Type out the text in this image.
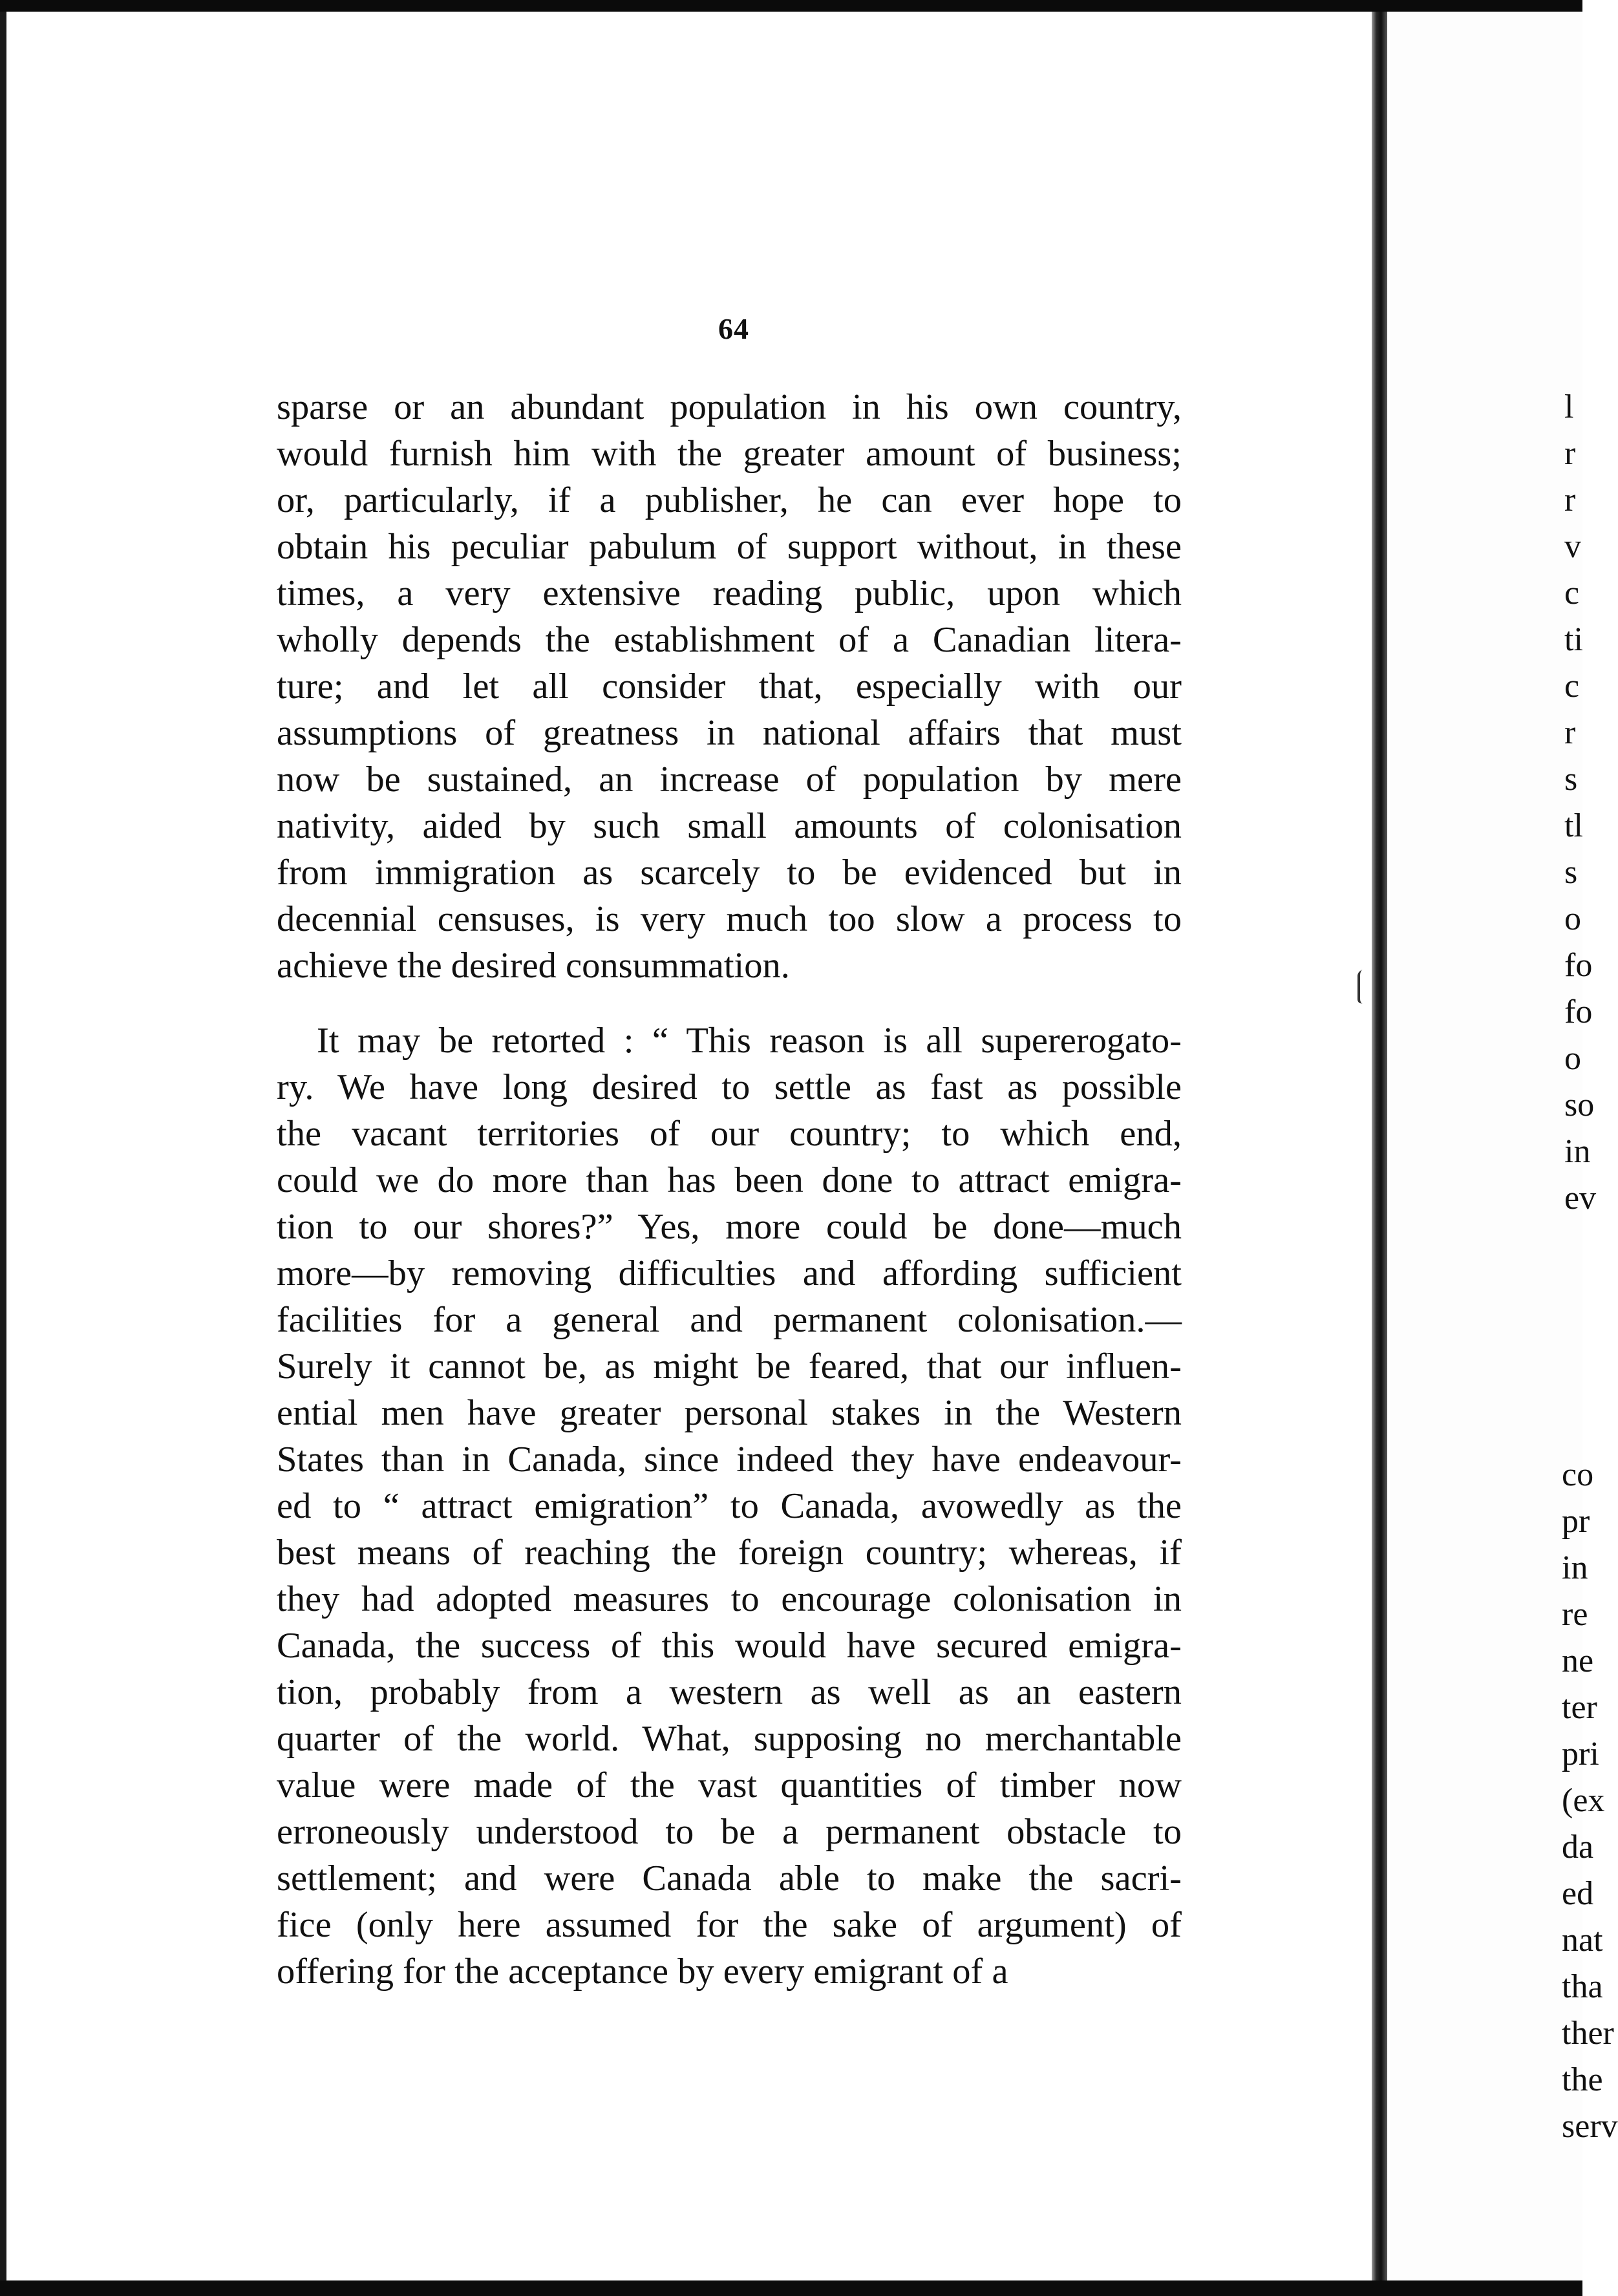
64
sparse or an abundant population in his own country,
would furnish him with the greater amount of business;
or, particularly, if a publisher, he can ever hope to
obtain his peculiar pabulum of support without, in these
times, a very extensive reading public, upon which
wholly depends the establishment of a Canadian litera-
ture; and let all consider that, especially with our
assumptions of greatness in national affairs that must
now be sustained, an increase of population by mere
nativity, aided by such small amounts of colonisation
from immigration as scarcely to be evidenced but in
decennial censuses, is very much too slow a process to
achieve the desired consummation.
It may be retorted : “ This reason is all supererogato-
ry. We have long desired to settle as fast as possible
the vacant territories of our country; to which end,
could we do more than has been done to attract emigra-
tion to our shores?” Yes, more could be done—much
more—by removing difficulties and affording sufficient
facilities for a general and permanent colonisation.—
Surely it cannot be, as might be feared, that our influen-
ential men have greater personal stakes in the Western
States than in Canada, since indeed they have endeavour-
ed to “ attract emigration” to Canada, avowedly as the
best means of reaching the foreign country; whereas, if
they had adopted measures to encourage colonisation in
Canada, the success of this would have secured emigra-
tion, probably from a western as well as an eastern
quarter of the world. What, supposing no merchantable
value were made of the vast quantities of timber now
erroneously understood to be a permanent obstacle to
settlement; and were Canada able to make the sacri-
fice (only here assumed for the sake of argument) of
offering for the acceptance by every emigrant of a
l
r
r
v
c
ti
c
r
s
tl
s
o
fo
fo
o
so
in
ev
co
pr
in
re
ne
ter
pri
(ex
da
ed
nat
tha
ther
the
serv
